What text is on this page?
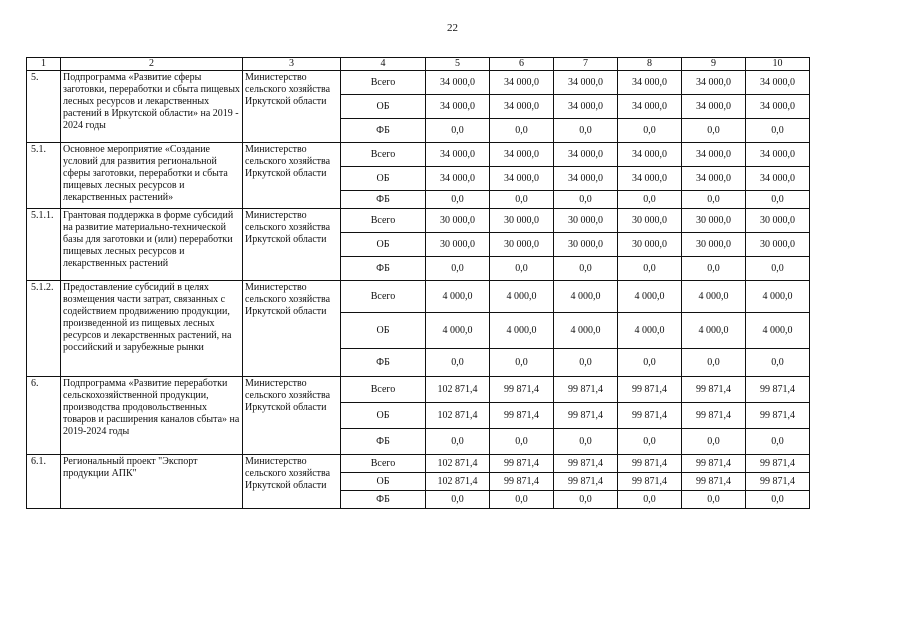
22
1	2	3	4	5	6	7	8	9	10
5.	Подпрограмма «Развитие сферы заготовки, переработки и сбыта пищевых лесных ресурсов и лекарственных растений в Иркутской области» на 2019 - 2024 годы	Министерство сельского хозяйства Иркутской области	Всего	34 000,0	34 000,0	34 000,0	34 000,0	34 000,0	34 000,0
			ОБ	34 000,0	34 000,0	34 000,0	34 000,0	34 000,0	34 000,0
			ФБ	0,0	0,0	0,0	0,0	0,0	0,0
5.1.	Основное мероприятие «Создание условий для развития региональной сферы заготовки, переработки и сбыта пищевых лесных ресурсов и лекарственных растений»	Министерство сельского хозяйства Иркутской области	Всего	34 000,0	34 000,0	34 000,0	34 000,0	34 000,0	34 000,0
			ОБ	34 000,0	34 000,0	34 000,0	34 000,0	34 000,0	34 000,0
			ФБ	0,0	0,0	0,0	0,0	0,0	0,0
5.1.1.	Грантовая поддержка в форме субсидий на развитие материально-технической базы для заготовки и (или) переработки пищевых лесных ресурсов и лекарственных растений	Министерство сельского хозяйства Иркутской области	Всего	30 000,0	30 000,0	30 000,0	30 000,0	30 000,0	30 000,0
			ОБ	30 000,0	30 000,0	30 000,0	30 000,0	30 000,0	30 000,0
			ФБ	0,0	0,0	0,0	0,0	0,0	0,0
5.1.2.	Предоставление субсидий в целях возмещения части затрат, связанных с содействием продвижению продукции, произведенной из пищевых лесных ресурсов и лекарственных растений, на российский и зарубежные рынки	Министерство сельского хозяйства Иркутской области	Всего	4 000,0	4 000,0	4 000,0	4 000,0	4 000,0	4 000,0
			ОБ	4 000,0	4 000,0	4 000,0	4 000,0	4 000,0	4 000,0
			ФБ	0,0	0,0	0,0	0,0	0,0	0,0
6.	Подпрограмма «Развитие переработки сельскохозяйственной продукции, производства продовольственных товаров и расширения каналов сбыта» на 2019-2024 годы	Министерство сельского хозяйства Иркутской области	Всего	102 871,4	99 871,4	99 871,4	99 871,4	99 871,4	99 871,4
			ОБ	102 871,4	99 871,4	99 871,4	99 871,4	99 871,4	99 871,4
			ФБ	0,0	0,0	0,0	0,0	0,0	0,0
6.1.	Региональный проект "Экспорт продукции АПК"	Министерство сельского хозяйства Иркутской области	Всего	102 871,4	99 871,4	99 871,4	99 871,4	99 871,4	99 871,4
			ОБ	102 871,4	99 871,4	99 871,4	99 871,4	99 871,4	99 871,4
			ФБ	0,0	0,0	0,0	0,0	0,0	0,0
